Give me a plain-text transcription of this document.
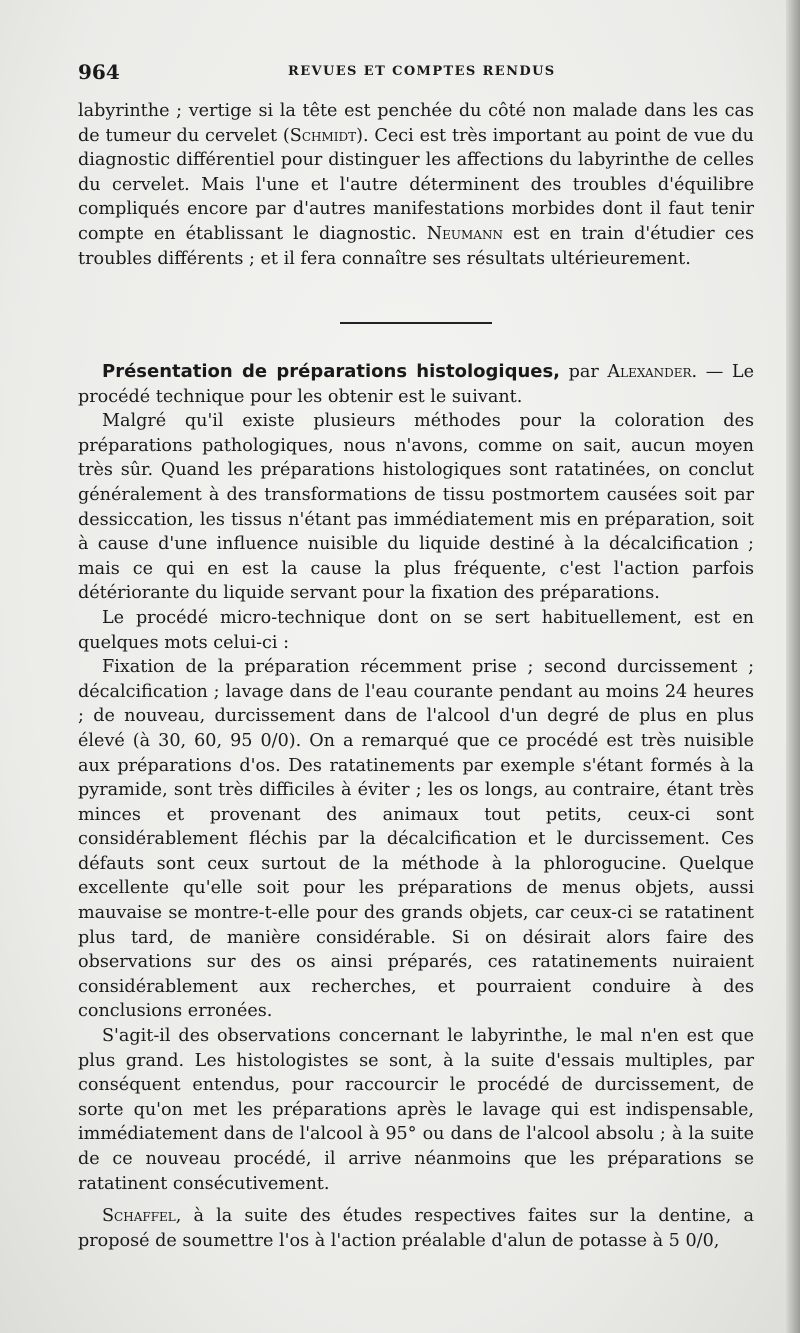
964	REVUES ET COMPTES RENDUS

labyrinthe ; vertige si la tête est penchée du côté non malade dans les cas de tumeur du cervelet (Schmidt). Ceci est très important au point de vue du diagnostic différentiel pour distinguer les affections du labyrinthe de celles du cervelet. Mais l'une et l'autre déterminent des troubles d'équilibre compliqués encore par d'autres manifestations morbides dont il faut tenir compte en établissant le diagnostic. Neumann est en train d'étudier ces troubles différents ; et il fera connaître ses résultats ultérieurement.

Présentation de préparations histologiques, par Alexander. — Le procédé technique pour les obtenir est le suivant.

Malgré qu'il existe plusieurs méthodes pour la coloration des préparations pathologiques, nous n'avons, comme on sait, aucun moyen très sûr. Quand les préparations histologiques sont ratatinées, on conclut généralement à des transformations de tissu postmortem causées soit par dessiccation, les tissus n'étant pas immédiatement mis en préparation, soit à cause d'une influence nuisible du liquide destiné à la décalcification ; mais ce qui en est la cause la plus fréquente, c'est l'action parfois détériorante du liquide servant pour la fixation des préparations.

Le procédé micro-technique dont on se sert habituellement, est en quelques mots celui-ci :

Fixation de la préparation récemment prise ; second durcissement ; décalcification ; lavage dans de l'eau courante pendant au moins 24 heures ; de nouveau, durcissement dans de l'alcool d'un degré de plus en plus élevé (à 30, 60, 95 0/0). On a remarqué que ce procédé est très nuisible aux préparations d'os. Des ratatinements par exemple s'étant formés à la pyramide, sont très difficiles à éviter ; les os longs, au contraire, étant très minces et provenant des animaux tout petits, ceux-ci sont considérablement fléchis par la décalcification et le durcissement. Ces défauts sont ceux surtout de la méthode à la phlorogucine. Quelque excellente qu'elle soit pour les préparations de menus objets, aussi mauvaise se montre-t-elle pour des grands objets, car ceux-ci se ratatinent plus tard, de manière considérable. Si on désirait alors faire des observations sur des os ainsi préparés, ces ratatinements nuiraient considérablement aux recherches, et pourraient conduire à des conclusions erronées.

S'agit-il des observations concernant le labyrinthe, le mal n'en est que plus grand. Les histologistes se sont, à la suite d'essais multiples, par conséquent entendus, pour raccourcir le procédé de durcissement, de sorte qu'on met les préparations après le lavage qui est indispensable, immédiatement dans de l'alcool à 95° ou dans de l'alcool absolu ; à la suite de ce nouveau procédé, il arrive néanmoins que les préparations se ratatinent consécutivement.

Schaffel, à la suite des études respectives faites sur la dentine, a proposé de soumettre l'os à l'action préalable d'alun de potasse à 5 0/0,
